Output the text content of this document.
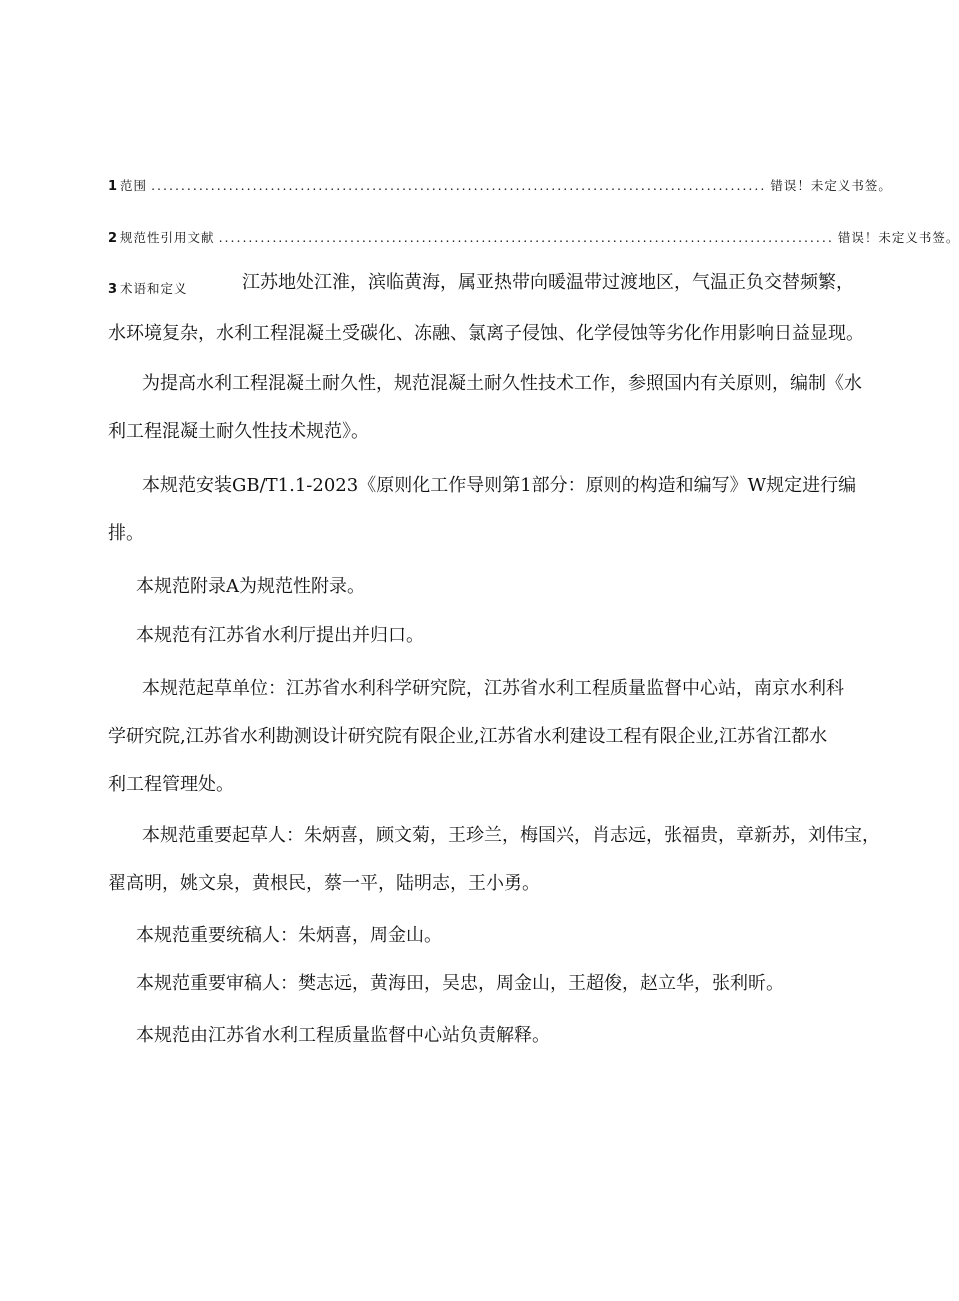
1 范围 ....................................................................................................... 错误！未定义书签。
2 规范性引用文献 ....................................................................................................... 错误！未定义书签。
3 术语和定义	江苏地处江淮，滨临黄海，属亚热带向暖温带过渡地区，气温正负交替频繁，

水环境复杂，水利工程混凝土受碳化、冻融、氯离子侵蚀、化学侵蚀等劣化作用影响日益显现。

为提高水利工程混凝土耐久性，规范混凝土耐久性技术工作，参照国内有关原则，编制《水
利工程混凝土耐久性技术规范》。

本规范安装GB/T1.1-2023《原则化工作导则第1部分：原则的构造和编写》W规定进行编
排。

本规范附录A为规范性附录。

本规范有江苏省水利厅提出并归口。

本规范起草单位：江苏省水利科学研究院，江苏省水利工程质量监督中心站，南京水利科
学研究院,江苏省水利勘测设计研究院有限企业,江苏省水利建设工程有限企业,江苏省江都水
利工程管理处。

本规范重要起草人：朱炳喜，顾文菊，王珍兰，梅国兴，肖志远，张福贵，章新苏，刘伟宝，
翟高明，姚文泉，黄根民，蔡一平，陆明志，王小勇。

本规范重要统稿人：朱炳喜，周金山。

本规范重要审稿人：樊志远，黄海田，吴忠，周金山，王超俊，赵立华，张利昕。

本规范由江苏省水利工程质量监督中心站负责解释。
